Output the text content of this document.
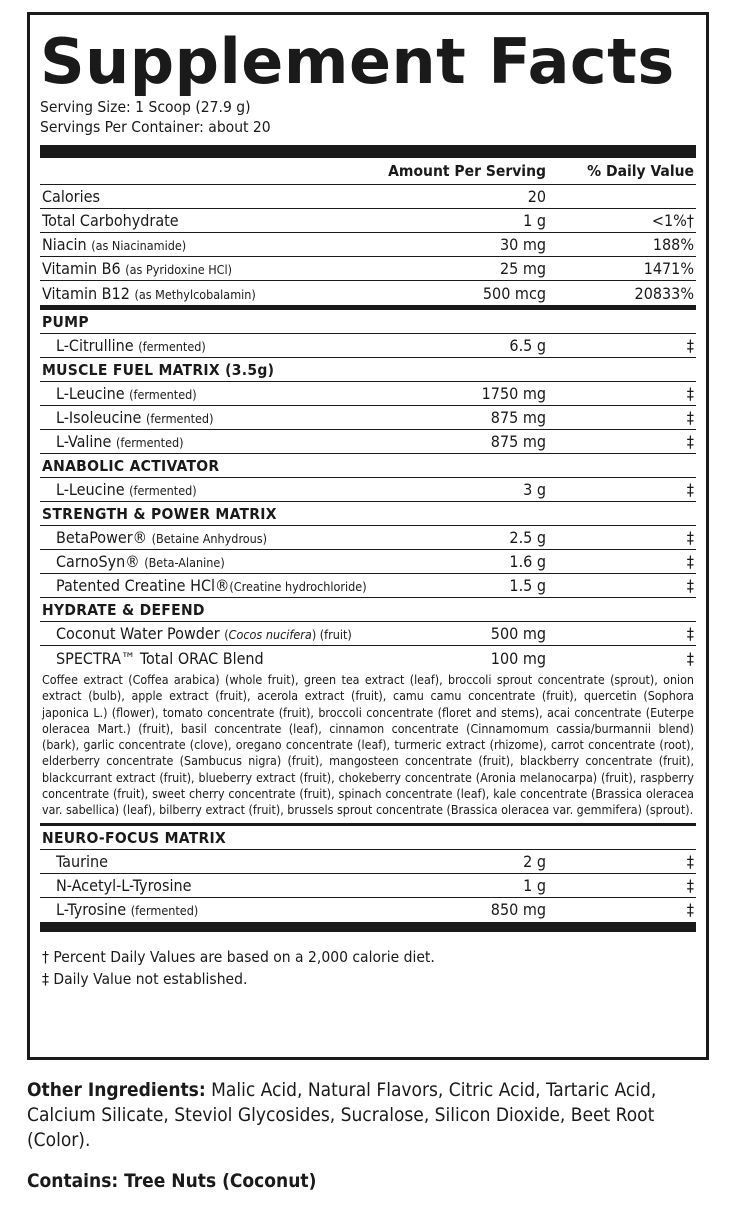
Supplement Facts
Serving Size: 1 Scoop (27.9 g)
Servings Per Container: about 20
Amount Per Serving	% Daily Value
Calories	20
Total Carbohydrate	1 g	<1%†
Niacin (as Niacinamide)	30 mg	188%
Vitamin B6 (as Pyridoxine HCl)	25 mg	1471%
Vitamin B12 (as Methylcobalamin)	500 mcg	20833%
PUMP
L-Citrulline (fermented)	6.5 g	‡
MUSCLE FUEL MATRIX (3.5g)
L-Leucine (fermented)	1750 mg	‡
L-Isoleucine (fermented)	875 mg	‡
L-Valine (fermented)	875 mg	‡
ANABOLIC ACTIVATOR
L-Leucine (fermented)	3 g	‡
STRENGTH & POWER MATRIX
BetaPower® (Betaine Anhydrous)	2.5 g	‡
CarnoSyn® (Beta-Alanine)	1.6 g	‡
Patented Creatine HCl®(Creatine hydrochloride)	1.5 g	‡
HYDRATE & DEFEND
Coconut Water Powder (Cocos nucifera) (fruit)	500 mg	‡
SPECTRA™ Total ORAC Blend	100 mg	‡
Coffee extract (Coffea arabica) (whole fruit), green tea extract (leaf), broccoli sprout concentrate (sprout), onion extract (bulb), apple extract (fruit), acerola extract (fruit), camu camu concentrate (fruit), quercetin (Sophora japonica L.) (flower), tomato concentrate (fruit), broccoli concentrate (floret and stems), acai concentrate (Euterpe oleracea Mart.) (fruit), basil concentrate (leaf), cinnamon concentrate (Cinnamomum cassia/burmannii blend) (bark), garlic concentrate (clove), oregano concentrate (leaf), turmeric extract (rhizome), carrot concentrate (root), elderberry concentrate (Sambucus nigra) (fruit), mangosteen concentrate (fruit), blackberry concentrate (fruit), blackcurrant extract (fruit), blueberry extract (fruit), chokeberry concentrate (Aronia melanocarpa) (fruit), raspberry concentrate (fruit), sweet cherry concentrate (fruit), spinach concentrate (leaf), kale concentrate (Brassica oleracea var. sabellica) (leaf), bilberry extract (fruit), brussels sprout concentrate (Brassica oleracea var. gemmifera) (sprout).
NEURO-FOCUS MATRIX
Taurine	2 g	‡
N-Acetyl-L-Tyrosine	1 g	‡
L-Tyrosine (fermented)	850 mg	‡
† Percent Daily Values are based on a 2,000 calorie diet.
‡ Daily Value not established.
Other Ingredients: Malic Acid, Natural Flavors, Citric Acid, Tartaric Acid, Calcium Silicate, Steviol Glycosides, Sucralose, Silicon Dioxide, Beet Root (Color).
Contains: Tree Nuts (Coconut)
